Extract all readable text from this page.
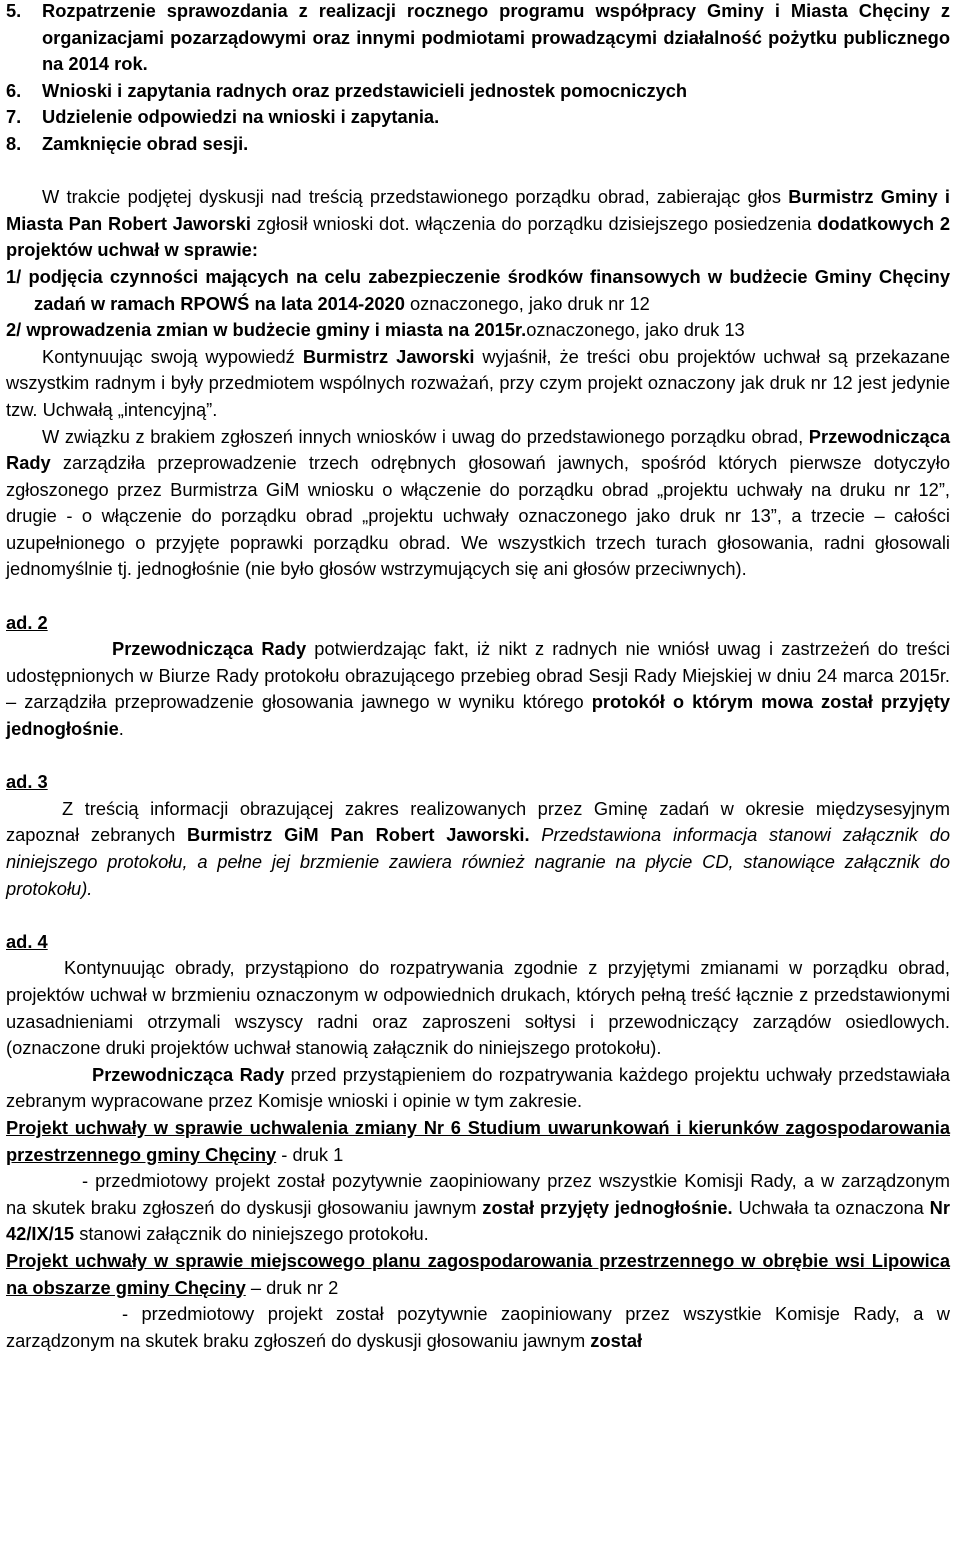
5. Rozpatrzenie sprawozdania z realizacji rocznego programu współpracy Gminy i Miasta Chęciny z organizacjami pozarządowymi oraz innymi podmiotami prowadzącymi działalność pożytku publicznego na 2014 rok.
6. Wnioski i zapytania radnych oraz przedstawicieli jednostek pomocniczych
7. Udzielenie odpowiedzi na wnioski i zapytania.
8. Zamknięcie obrad sesji.

W trakcie podjętej dyskusji nad treścią przedstawionego porządku obrad, zabierając głos Burmistrz Gminy i Miasta Pan Robert Jaworski zgłosił wnioski dot. włączenia do porządku dzisiejszego posiedzenia dodatkowych 2 projektów uchwał w sprawie:

1/ podjęcia czynności mających na celu zabezpieczenie środków finansowych w budżecie Gminy Chęciny zadań w ramach RPOWŚ na lata 2014-2020 oznaczonego, jako druk nr 12

2/ wprowadzenia zmian w budżecie gminy i miasta na 2015r.oznaczonego, jako druk 13

Kontynuując swoją wypowiedź Burmistrz Jaworski wyjaśnił, że treści obu projektów uchwał są przekazane wszystkim radnym i były przedmiotem wspólnych rozważań, przy czym projekt oznaczony jak druk nr 12 jest jedynie tzw. Uchwałą „intencyjną”.

W związku z brakiem zgłoszeń innych wniosków i uwag do przedstawionego porządku obrad, Przewodnicząca Rady zarządziła przeprowadzenie trzech odrębnych głosowań jawnych, spośród których pierwsze dotyczyło zgłoszonego przez Burmistrza GiM wniosku o włączenie do porządku obrad „projektu uchwały na druku nr 12”, drugie - o włączenie do porządku obrad „projektu uchwały oznaczonego jako druk nr 13”, a trzecie – całości uzupełnionego o przyjęte poprawki porządku obrad. We wszystkich trzech turach głosowania, radni głosowali jednomyślnie tj. jednogłośnie (nie było głosów wstrzymujących się ani głosów przeciwnych).

ad. 2

Przewodnicząca Rady potwierdzając fakt, iż nikt z radnych nie wniósł uwag i zastrzeżeń do treści udostępnionych w Biurze Rady protokołu obrazującego przebieg obrad Sesji Rady Miejskiej w dniu 24 marca 2015r. – zarządziła przeprowadzenie głosowania jawnego w wyniku którego protokół o którym mowa został przyjęty jednogłośnie.

ad. 3

Z treścią informacji obrazującej zakres realizowanych przez Gminę zadań w okresie międzysesyjnym zapoznał zebranych Burmistrz GiM Pan Robert Jaworski. Przedstawiona informacja stanowi załącznik do niniejszego protokołu, a pełne jej brzmienie zawiera również nagranie na płycie CD, stanowiące załącznik do protokołu).

ad. 4

Kontynuując obrady, przystąpiono do rozpatrywania zgodnie z przyjętymi zmianami w porządku obrad, projektów uchwał w brzmieniu oznaczonym w odpowiednich drukach, których pełną treść łącznie z przedstawionymi uzasadnieniami otrzymali wszyscy radni oraz zaproszeni sołtysi i przewodniczący zarządów osiedlowych. (oznaczone druki projektów uchwał stanowią załącznik do niniejszego protokołu).

Przewodnicząca Rady przed przystąpieniem do rozpatrywania każdego projektu uchwały przedstawiała zebranym wypracowane przez Komisje wnioski i opinie w tym zakresie.

Projekt uchwały w sprawie uchwalenia zmiany Nr 6 Studium uwarunkowań i kierunków zagospodarowania przestrzennego gminy Chęciny - druk 1

- przedmiotowy projekt został pozytywnie zaopiniowany przez wszystkie Komisji Rady, a w zarządzonym na skutek braku zgłoszeń do dyskusji głosowaniu jawnym został przyjęty jednogłośnie. Uchwała ta oznaczona Nr 42/IX/15 stanowi załącznik do niniejszego protokołu.

Projekt uchwały w sprawie miejscowego planu zagospodarowania przestrzennego w obrębie wsi Lipowica na obszarze gminy Chęciny – druk nr 2

- przedmiotowy projekt został pozytywnie zaopiniowany przez wszystkie Komisje Rady, a w zarządzonym na skutek braku zgłoszeń do dyskusji głosowaniu jawnym został
